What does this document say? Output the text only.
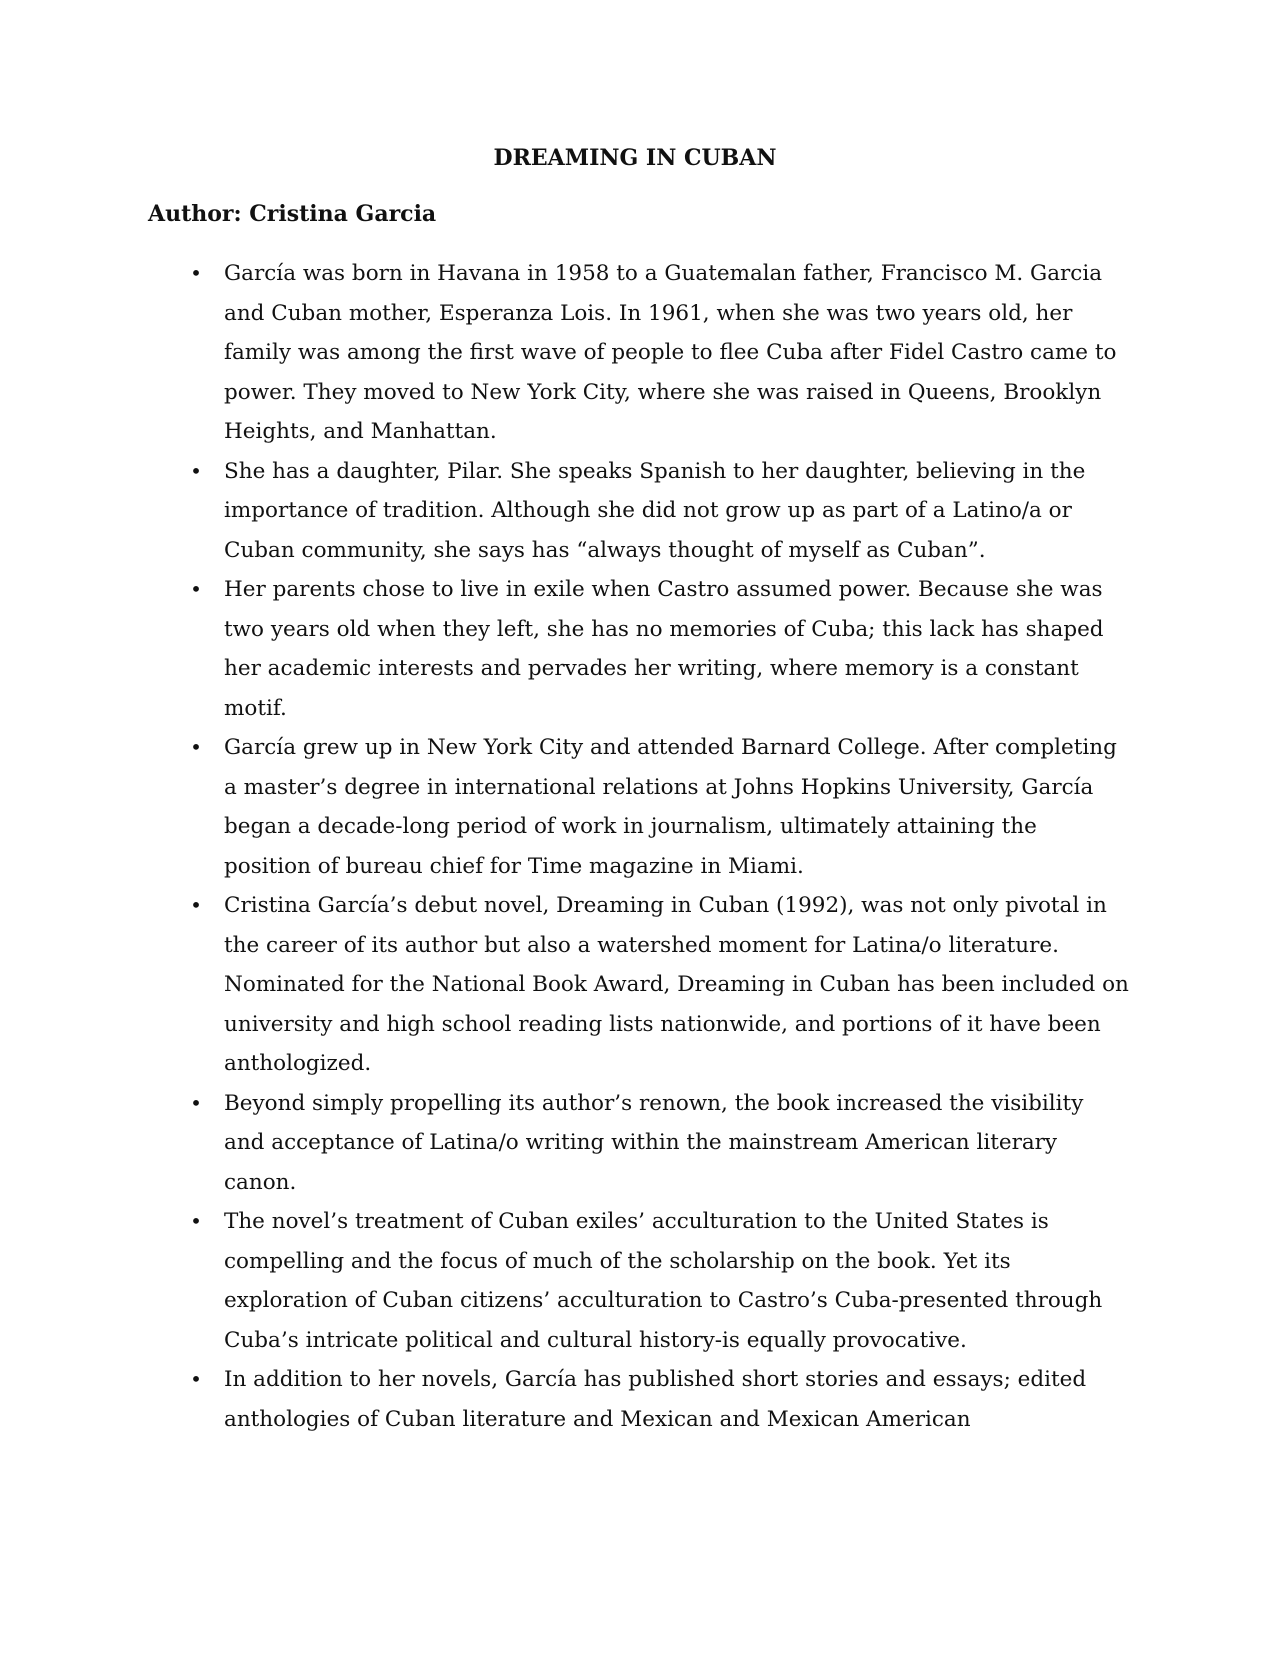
DREAMING IN CUBAN

Author: Cristina Garcia

• García was born in Havana in 1958 to a Guatemalan father, Francisco M. Garcia and Cuban mother, Esperanza Lois. In 1961, when she was two years old, her family was among the first wave of people to flee Cuba after Fidel Castro came to power. They moved to New York City, where she was raised in Queens, Brooklyn Heights, and Manhattan.
• She has a daughter, Pilar. She speaks Spanish to her daughter, believing in the importance of tradition. Although she did not grow up as part of a Latino/a or Cuban community, she says has “always thought of myself as Cuban”.
• Her parents chose to live in exile when Castro assumed power. Because she was two years old when they left, she has no memories of Cuba; this lack has shaped her academic interests and pervades her writing, where memory is a constant motif.
• García grew up in New York City and attended Barnard College. After completing a master’s degree in international relations at Johns Hopkins University, García began a decade-long period of work in journalism, ultimately attaining the position of bureau chief for Time magazine in Miami.
• Cristina García’s debut novel, Dreaming in Cuban (1992), was not only pivotal in the career of its author but also a watershed moment for Latina/o literature. Nominated for the National Book Award, Dreaming in Cuban has been included on university and high school reading lists nationwide, and portions of it have been anthologized.
• Beyond simply propelling its author’s renown, the book increased the visibility and acceptance of Latina/o writing within the mainstream American literary canon.
• The novel’s treatment of Cuban exiles’ acculturation to the United States is compelling and the focus of much of the scholarship on the book. Yet its exploration of Cuban citizens’ acculturation to Castro’s Cuba-presented through Cuba’s intricate political and cultural history-is equally provocative.
• In addition to her novels, García has published short stories and essays; edited anthologies of Cuban literature and Mexican and Mexican American
